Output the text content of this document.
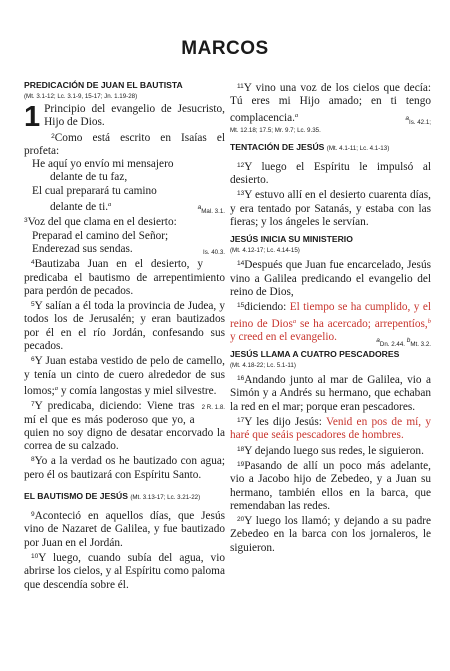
MARCOS

PREDICACIÓN DE JUAN EL BAUTISTA

(Mt. 3.1-12; Lc. 3.1-9, 15-17; Jn. 1.19-28)

1 Principio del evangelio de Jesucristo, Hijo de Dios.

$^2$Como está escrito en Isaías el profeta:

He aquí yo envío mi mensajero

delante de tu faz,

El cual preparará tu camino

delante de ti.$^a$	aMal. 3.1.

$^3$Voz del que clama en el desierto:

Preparad el camino del Señor;

Enderezad sus sendas.	Is. 40.3.

$^4$Bautizaba Juan en el desierto, y predicaba el bautismo de arrepentimiento para perdón de pecados.

$^5$Y salían a él toda la provincia de Judea, y todos los de Jerusalén; y eran bautizados por él en el río Jordán, confesando sus pecados.

$^6$Y Juan estaba vestido de pelo de camello, y tenía un cinto de cuero alrededor de sus lomos;$^a$ y comía langostas y miel silvestre.
2 R. 1.8.

$^7$Y predicaba, diciendo: Viene tras mí el que es más poderoso que yo, a quien no soy digno de desatar encorvado la correa de su calzado.

$^8$Yo a la verdad os he bautizado con agua; pero él os bautizará con Espíritu Santo.

EL BAUTISMO DE JESÚS (Mt. 3.13-17; Lc. 3.21-22)

$^9$Aconteció en aquellos días, que Jesús vino de Nazaret de Galilea, y fue bautizado por Juan en el Jordán.

$^{10}$Y luego, cuando subía del agua, vio abrirse los cielos, y al Espíritu como paloma que descendía sobre él.

$^{11}$Y vino una voz de los cielos que decía: Tú eres mi Hijo amado; en ti tengo complacencia.$^a$	aIs. 42.1;

Mt. 12.18; 17.5; Mr. 9.7; Lc. 9.35.

TENTACIÓN DE JESÚS (Mt. 4.1-11; Lc. 4.1-13)

$^{12}$Y luego el Espíritu le impulsó al desierto.

$^{13}$Y estuvo allí en el desierto cuarenta días, y era tentado por Satanás, y estaba con las fieras; y los ángeles le servían.

JESÚS INICIA SU MINISTERIO

(Mt. 4.12-17; Lc. 4.14-15)

$^{14}$Después que Juan fue encarcelado, Jesús vino a Galilea predicando el evangelio del reino de Dios,

$^{15}$diciendo: El tiempo se ha cumplido, y el reino de Dios$^a$ se ha acercado; arrepentíos,$^b$ y creed en el evangelio.	aDn. 2.44. bMt. 3.2.

JESÚS LLAMA A CUATRO PESCADORES

(Mt. 4.18-22; Lc. 5.1-11)

$^{16}$Andando junto al mar de Galilea, vio a Simón y a Andrés su hermano, que echaban la red en el mar; porque eran pescadores.

$^{17}$Y les dijo Jesús: Venid en pos de mí, y haré que seáis pescadores de hombres.

$^{18}$Y dejando luego sus redes, le siguieron.

$^{19}$Pasando de allí un poco más adelante, vio a Jacobo hijo de Zebedeo, y a Juan su hermano, también ellos en la barca, que remendaban las redes.

$^{20}$Y luego los llamó; y dejando a su padre Zebedeo en la barca con los jornaleros, le siguieron.
